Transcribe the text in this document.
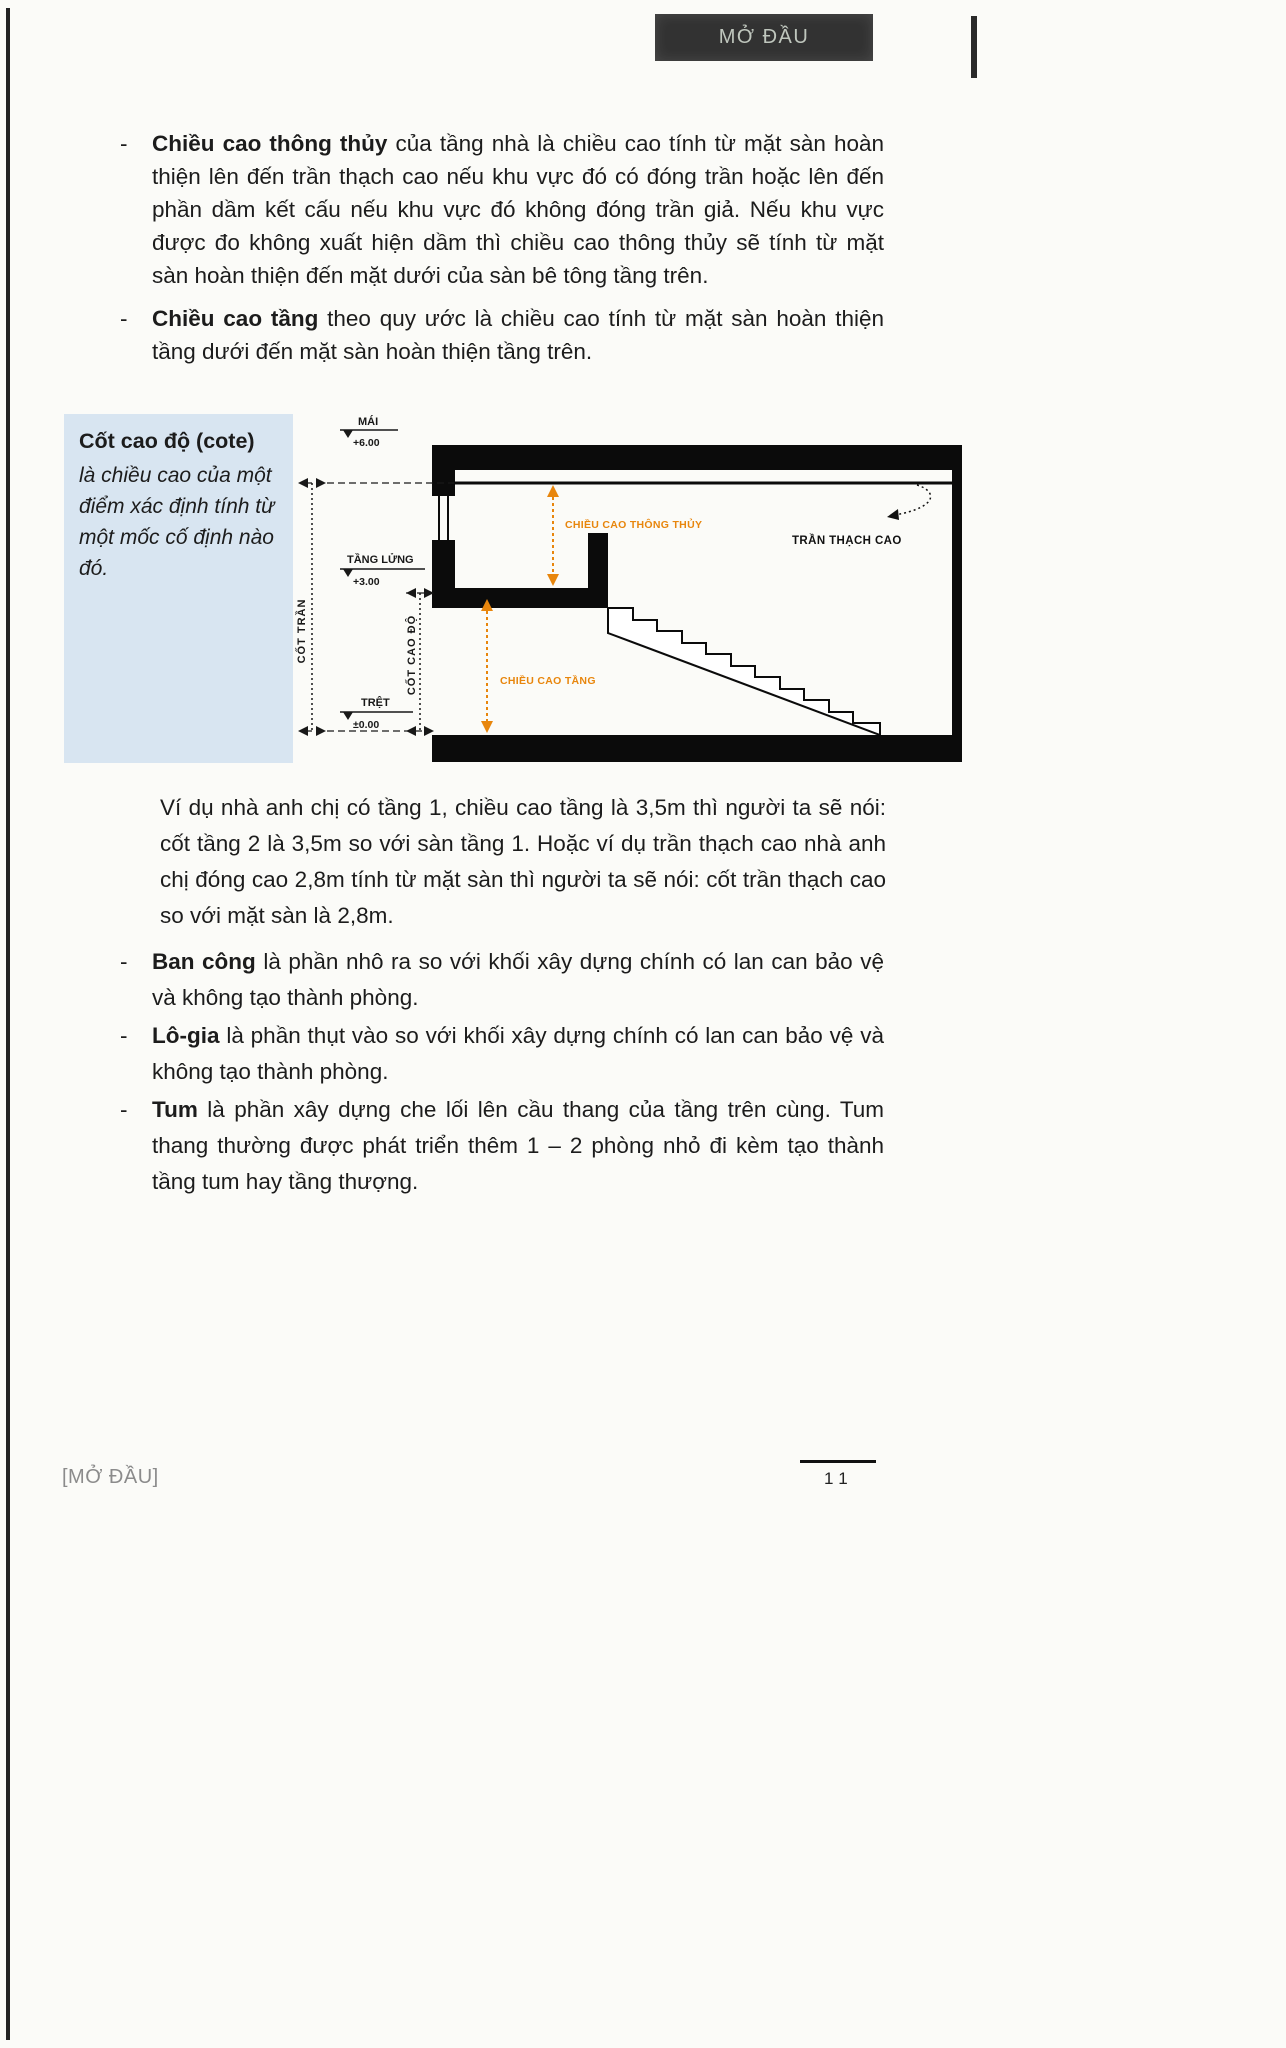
MỞ ĐẦU
- Chiều cao thông thủy của tầng nhà là chiều cao tính từ mặt sàn hoàn thiện lên đến trần thạch cao nếu khu vực đó có đóng trần hoặc lên đến phần dầm kết cấu nếu khu vực đó không đóng trần giả. Nếu khu vực được đo không xuất hiện dầm thì chiều cao thông thủy sẽ tính từ mặt sàn hoàn thiện đến mặt dưới của sàn bê tông tầng trên.
- Chiều cao tầng theo quy ước là chiều cao tính từ mặt sàn hoàn thiện tầng dưới đến mặt sàn hoàn thiện tầng trên.
Cốt cao độ (cote)
là chiều cao của một điểm xác định tính từ một mốc cố định nào đó.
MÁI
+6.00
TẦNG LỬNG
+3.00
TRỆT
±0.00
CỐT TRẦN	CỐT CAO ĐỘ
CHIỀU CAO THÔNG THỦY
CHIỀU CAO TẦNG
TRẦN THẠCH CAO

Ví dụ nhà anh chị có tầng 1, chiều cao tầng là 3,5m thì người ta sẽ nói: cốt tầng 2 là 3,5m so với sàn tầng 1. Hoặc ví dụ trần thạch cao nhà anh chị đóng cao 2,8m tính từ mặt sàn thì người ta sẽ nói: cốt trần thạch cao so với mặt sàn là 2,8m.

- Ban công là phần nhô ra so với khối xây dựng chính có lan can bảo vệ và không tạo thành phòng.
- Lô-gia là phần thụt vào so với khối xây dựng chính có lan can bảo vệ và không tạo thành phòng.
- Tum là phần xây dựng che lối lên cầu thang của tầng trên cùng. Tum thang thường được phát triển thêm 1 – 2 phòng nhỏ đi kèm tạo thành tầng tum hay tầng thượng.
[MỞ ĐẦU]	11
